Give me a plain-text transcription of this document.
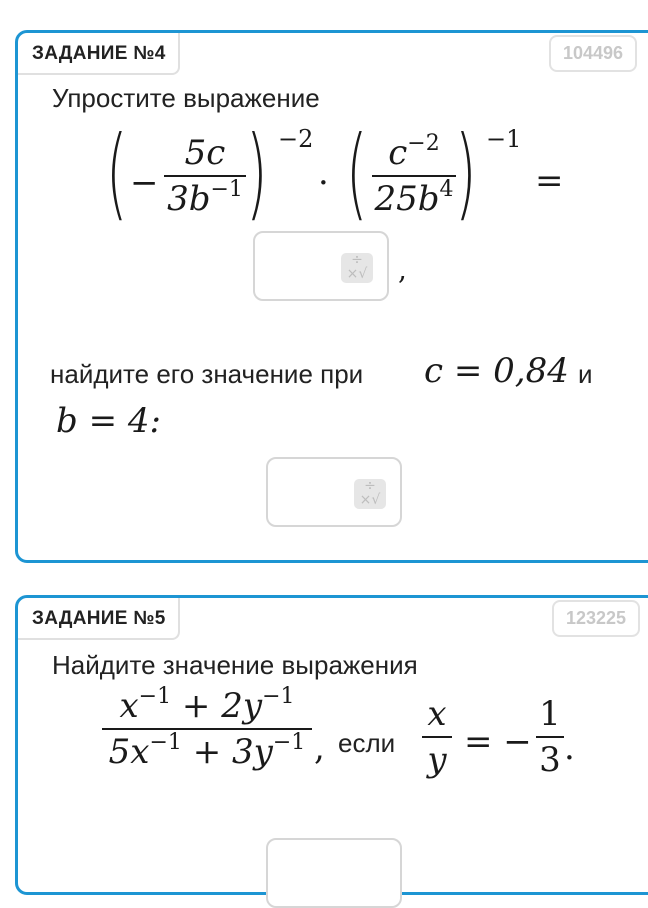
ЗАДАНИЕ №4	104496
Упростите выражение
( −
5c
$3b^{-1}$ ) −2
· ( $c^{-2}$
$25b^4$ ) −1
=
÷
×√ ,
найдите его значение при c = 0,84 и
b = 4:
÷
×√
ЗАДАНИЕ №5	123225
Найдите значение выражения
$x^{-1} + 2y^{-1}$
$5x^{-1} + 3y^{-1}$ , если
x
y = −
1
3 .
